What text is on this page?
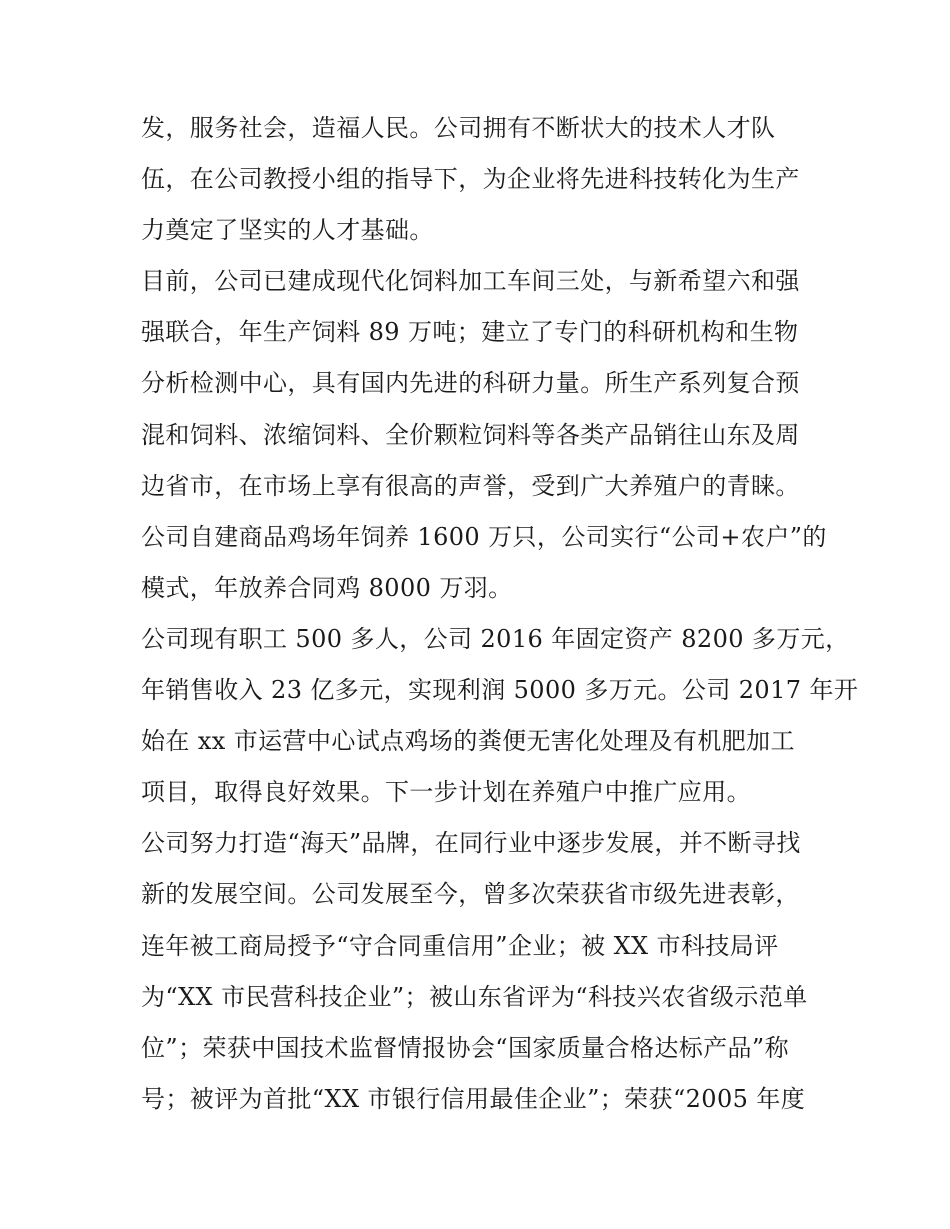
发，服务社会，造福人民。公司拥有不断状大的技术人才队
伍，在公司教授小组的指导下，为企业将先进科技转化为生产
力奠定了坚实的人才基础。
目前，公司已建成现代化饲料加工车间三处，与新希望六和强
强联合，年生产饲料 89 万吨；建立了专门的科研机构和生物
分析检测中心，具有国内先进的科研力量。所生产系列复合预
混和饲料、浓缩饲料、全价颗粒饲料等各类产品销往山东及周
边省市，在市场上享有很高的声誉，受到广大养殖户的青睐。
公司自建商品鸡场年饲养 1600 万只，公司实行“公司+农户”的
模式，年放养合同鸡 8000 万羽。
公司现有职工 500 多人，公司 2016 年固定资产 8200 多万元，
年销售收入 23 亿多元，实现利润 5000 多万元。公司 2017 年开
始在 xx 市运营中心试点鸡场的粪便无害化处理及有机肥加工
项目，取得良好效果。下一步计划在养殖户中推广应用。
公司努力打造“海天”品牌，在同行业中逐步发展，并不断寻找
新的发展空间。公司发展至今，曾多次荣获省市级先进表彰，
连年被工商局授予“守合同重信用”企业；被 XX 市科技局评
为“XX 市民营科技企业”；被山东省评为“科技兴农省级示范单
位”；荣获中国技术监督情报协会“国家质量合格达标产品”称
号；被评为首批“XX 市银行信用最佳企业”；荣获“2005 年度
